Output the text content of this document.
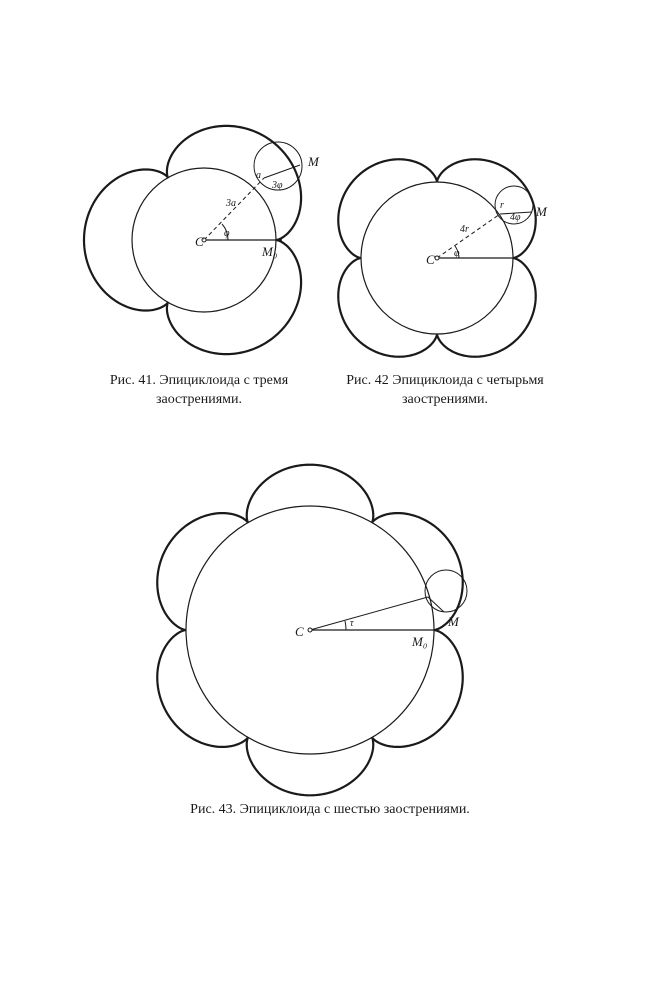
C
3a
φ
a
3φ
M
M₀
C
4r
φ
r
4φ M
C
τ	M
M₀
Рис. 41. Эпициклоида с тремя заострениями.
Рис. 42 Эпициклоида с четырьмя заострениями.
Рис. 43. Эпициклоида с шестью заострениями.
